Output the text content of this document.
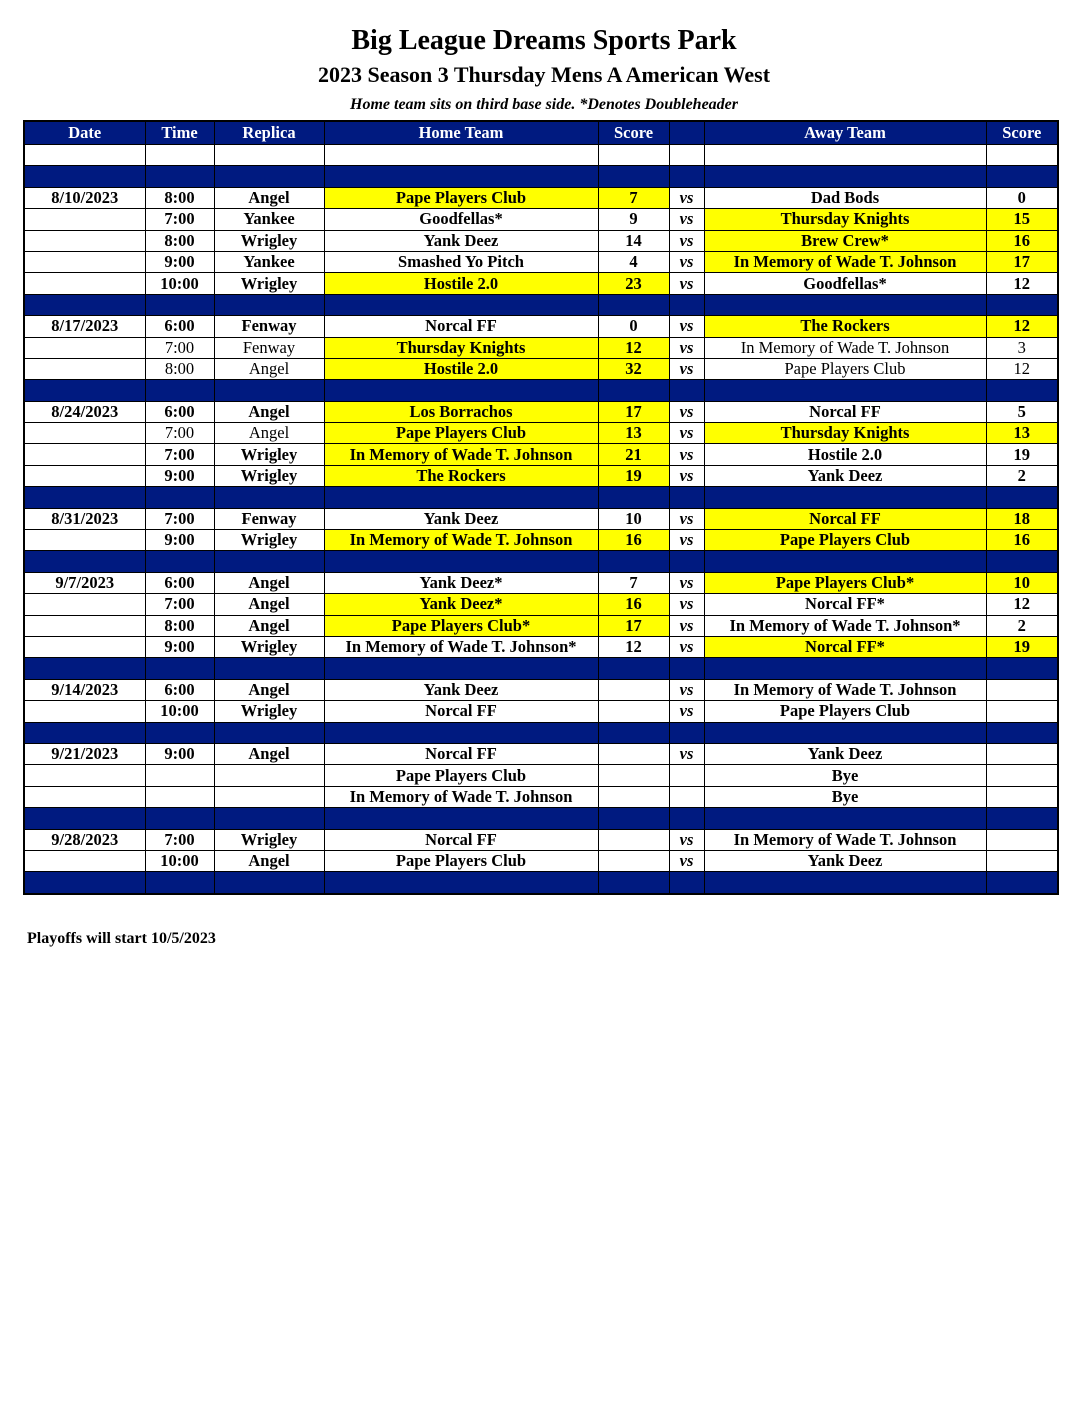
Big League Dreams Sports Park
2023 Season 3 Thursday Mens A American West
Home team sits on third base side. *Denotes Doubleheader
Date	Time	Replica	Home Team	Score		Away Team	Score

8/10/2023	8:00	Angel	Pape Players Club	7	vs	Dad Bods	0
	7:00	Yankee	Goodfellas*	9	vs	Thursday Knights	15
	8:00	Wrigley	Yank Deez	14	vs	Brew Crew*	16
	9:00	Yankee	Smashed Yo Pitch	4	vs	In Memory of Wade T. Johnson	17
	10:00	Wrigley	Hostile 2.0	23	vs	Goodfellas*	12

8/17/2023	6:00	Fenway	Norcal FF	0	vs	The Rockers	12
	7:00	Fenway	Thursday Knights	12	vs	In Memory of Wade T. Johnson	3
	8:00	Angel	Hostile 2.0	32	vs	Pape Players Club	12

8/24/2023	6:00	Angel	Los Borrachos	17	vs	Norcal FF	5
	7:00	Angel	Pape Players Club	13	vs	Thursday Knights	13
	7:00	Wrigley	In Memory of Wade T. Johnson	21	vs	Hostile 2.0	19
	9:00	Wrigley	The Rockers	19	vs	Yank Deez	2

8/31/2023	7:00	Fenway	Yank Deez	10	vs	Norcal FF	18
	9:00	Wrigley	In Memory of Wade T. Johnson	16	vs	Pape Players Club	16

9/7/2023	6:00	Angel	Yank Deez*	7	vs	Pape Players Club*	10
	7:00	Angel	Yank Deez*	16	vs	Norcal FF*	12
	8:00	Angel	Pape Players Club*	17	vs	In Memory of Wade T. Johnson*	2
	9:00	Wrigley	In Memory of Wade T. Johnson*	12	vs	Norcal FF*	19

9/14/2023	6:00	Angel	Yank Deez		vs	In Memory of Wade T. Johnson	
	10:00	Wrigley	Norcal FF		vs	Pape Players Club	

9/21/2023	9:00	Angel	Norcal FF		vs	Yank Deez	
			Pape Players Club			Bye	
			In Memory of Wade T. Johnson			Bye	

9/28/2023	7:00	Wrigley	Norcal FF		vs	In Memory of Wade T. Johnson	
	10:00	Angel	Pape Players Club		vs	Yank Deez	

Playoffs will start 10/5/2023
